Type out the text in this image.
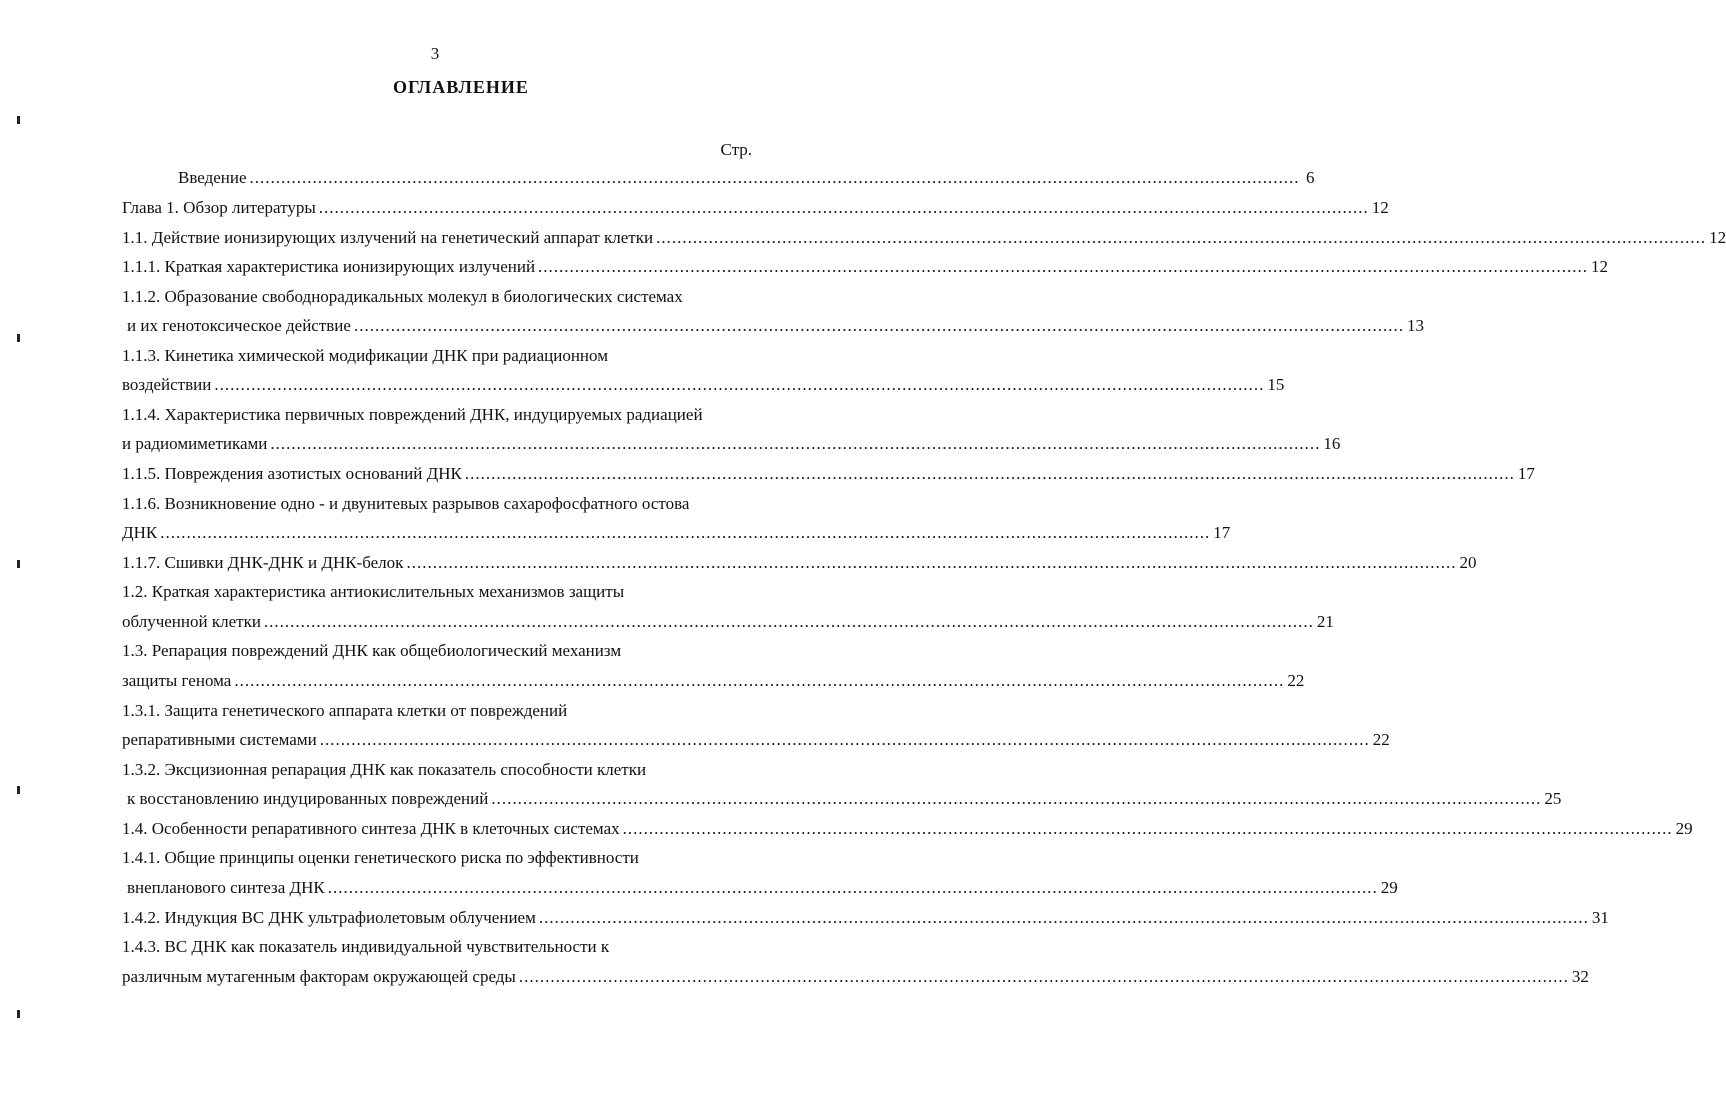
3
ОГЛАВЛЕНИЕ
Стр.
Введение ........................................................................................................................................................................................................ 6
Глава 1. Обзор литературы ........................................................................................................................................................................................................ 12
1.1. Действие ионизирующих излучений на генетический аппарат клетки ........................................................................................................................................................................................................ 12
1.1.1. Краткая характеристика ионизирующих излучений ........................................................................................................................................................................................................ 12
1.1.2. Образование свободнорадикальных молекул в биологических системах
и их генотоксическое действие ........................................................................................................................................................................................................ 13
1.1.3. Кинетика химической модификации ДНК при радиационном
воздействии ........................................................................................................................................................................................................ 15
1.1.4. Характеристика первичных повреждений ДНК, индуцируемых радиацией
и радиомиметиками ........................................................................................................................................................................................................ 16
1.1.5. Повреждения азотистых оснований ДНК ........................................................................................................................................................................................................ 17
1.1.6. Возникновение одно - и двунитевых разрывов сахарофосфатного остова
ДНК ........................................................................................................................................................................................................ 17
1.1.7. Сшивки ДНК-ДНК и ДНК-белок ........................................................................................................................................................................................................ 20
1.2. Краткая характеристика антиокислительных механизмов защиты
облученной клетки ........................................................................................................................................................................................................ 21
1.3. Репарация повреждений ДНК как общебиологический механизм
защиты генома ........................................................................................................................................................................................................ 22
1.3.1. Защита генетического аппарата клетки от повреждений
репаративными системами ........................................................................................................................................................................................................ 22
1.3.2. Эксцизионная репарация ДНК как показатель способности клетки
к восстановлению индуцированных повреждений ........................................................................................................................................................................................................ 25
1.4. Особенности репаративного синтеза ДНК в клеточных системах ........................................................................................................................................................................................................ 29
1.4.1. Общие принципы оценки генетического риска по эффективности
внепланового синтеза ДНК ........................................................................................................................................................................................................ 29
1.4.2. Индукция ВС ДНК ультрафиолетовым облучением ........................................................................................................................................................................................................ 31
1.4.3. ВС ДНК как показатель индивидуальной чувствительности к
различным мутагенным факторам окружающей среды ........................................................................................................................................................................................................ 32
